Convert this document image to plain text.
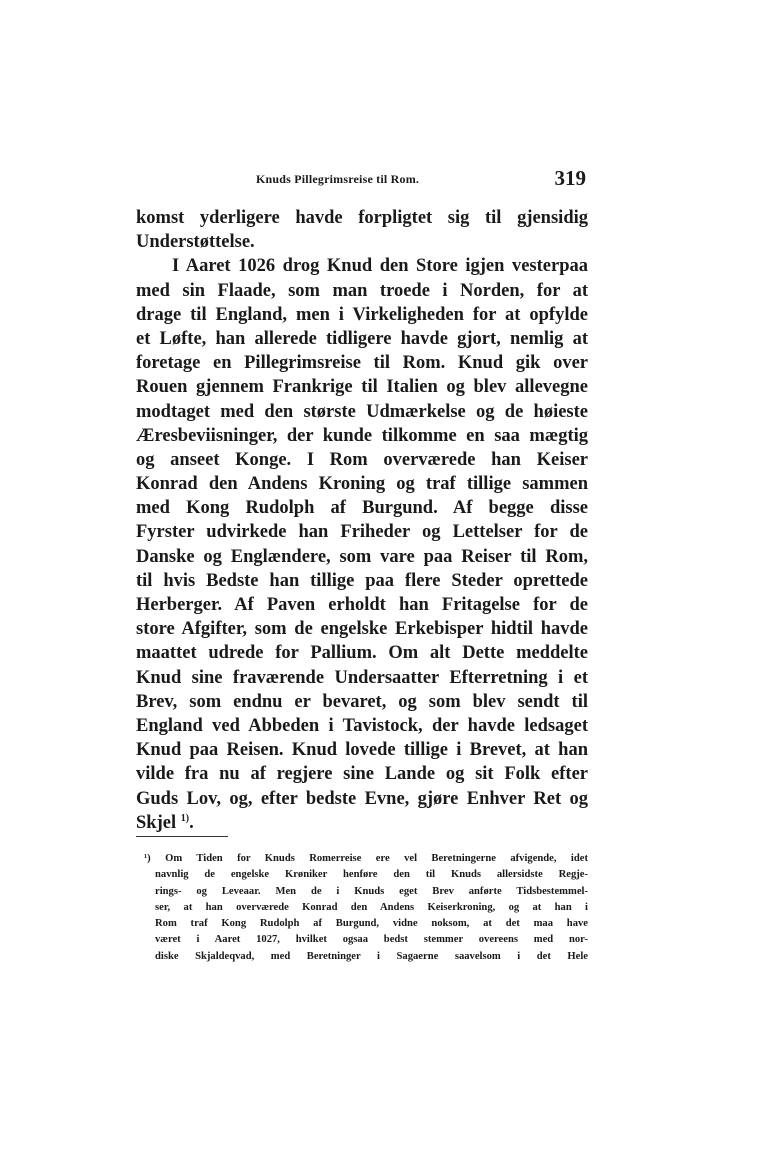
Knuds Pillegrimsreise til Rom.	319
komst yderligere havde forpligtet sig til gjensidig
Understøttelse.
I Aaret 1026 drog Knud den Store igjen vesterpaa
med sin Flaade, som man troede i Norden, for at
drage til England, men i Virkeligheden for at opfylde
et Løfte, han allerede tidligere havde gjort, nemlig at
foretage en Pillegrimsreise til Rom. Knud gik over
Rouen gjennem Frankrige til Italien og blev allevegne
modtaget med den største Udmærkelse og de høieste
Æresbeviisninger, der kunde tilkomme en saa mægtig
og anseet Konge. I Rom overværede han Keiser
Konrad den Andens Kroning og traf tillige sammen
med Kong Rudolph af Burgund. Af begge disse
Fyrster udvirkede han Friheder og Lettelser for de
Danske og Englændere, som vare paa Reiser til Rom,
til hvis Bedste han tillige paa flere Steder oprettede
Herberger. Af Paven erholdt han Fritagelse for de
store Afgifter, som de engelske Erkebisper hidtil havde
maattet udrede for Pallium. Om alt Dette meddelte
Knud sine fraværende Undersaatter Efterretning i et
Brev, som endnu er bevaret, og som blev sendt til
England ved Abbeden i Tavistock, der havde ledsaget
Knud paa Reisen. Knud lovede tillige i Brevet, at han
vilde fra nu af regjere sine Lande og sit Folk efter
Guds Lov, og, efter bedste Evne, gjøre Enhver Ret og
Skjel $^{1)}$.
¹) Om Tiden for Knuds Romerreise ere vel Beretningerne afvigende, idet
navnlig de engelske Krøniker henføre den til Knuds allersidste Regje-
rings- og Leveaar. Men de i Knuds eget Brev anførte Tidsbestemmel-
ser, at han overværede Konrad den Andens Keiserkroning, og at han i
Rom traf Kong Rudolph af Burgund, vidne noksom, at det maa have
været i Aaret 1027, hvilket ogsaa bedst stemmer overeens med nor-
diske Skjaldeqvad, med Beretninger i Sagaerne saavelsom i det Hele
